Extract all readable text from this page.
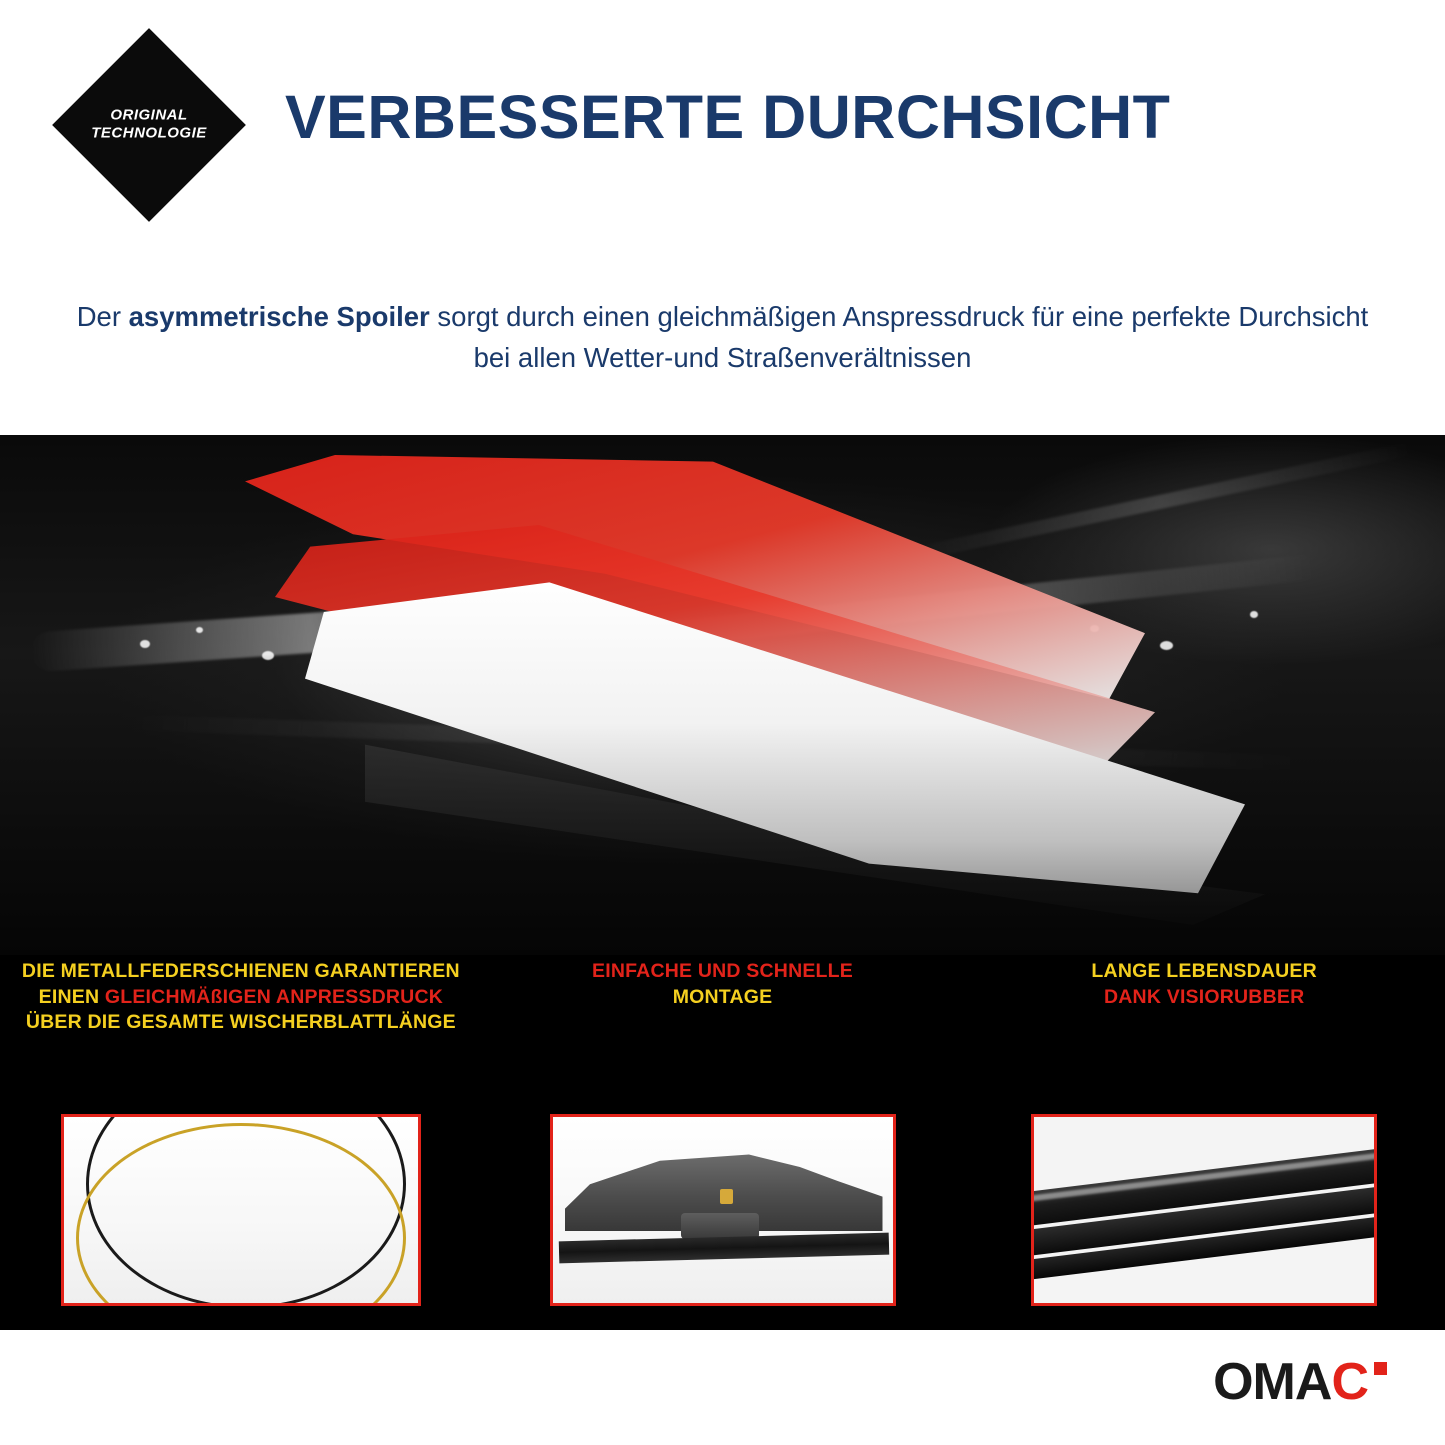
ORIGINAL
TECHNOLOGIE	VERBESSERTE DURCHSICHT
Der asymmetrische Spoiler sorgt durch einen gleichmäßigen Anspressdruck für eine perfekte Durchsicht bei allen Wetter-und Straßenverältnissen
DIE METALLFEDERSCHIENEN GARANTIEREN
EINEN GLEICHMÄßIGEN ANPRESSDRUCK
ÜBER DIE GESAMTE WISCHERBLATTLÄNGE
EINFACHE UND SCHNELLE
MONTAGE
LANGE LEBENSDAUER
DANK VISIORUBBER
OMAC
